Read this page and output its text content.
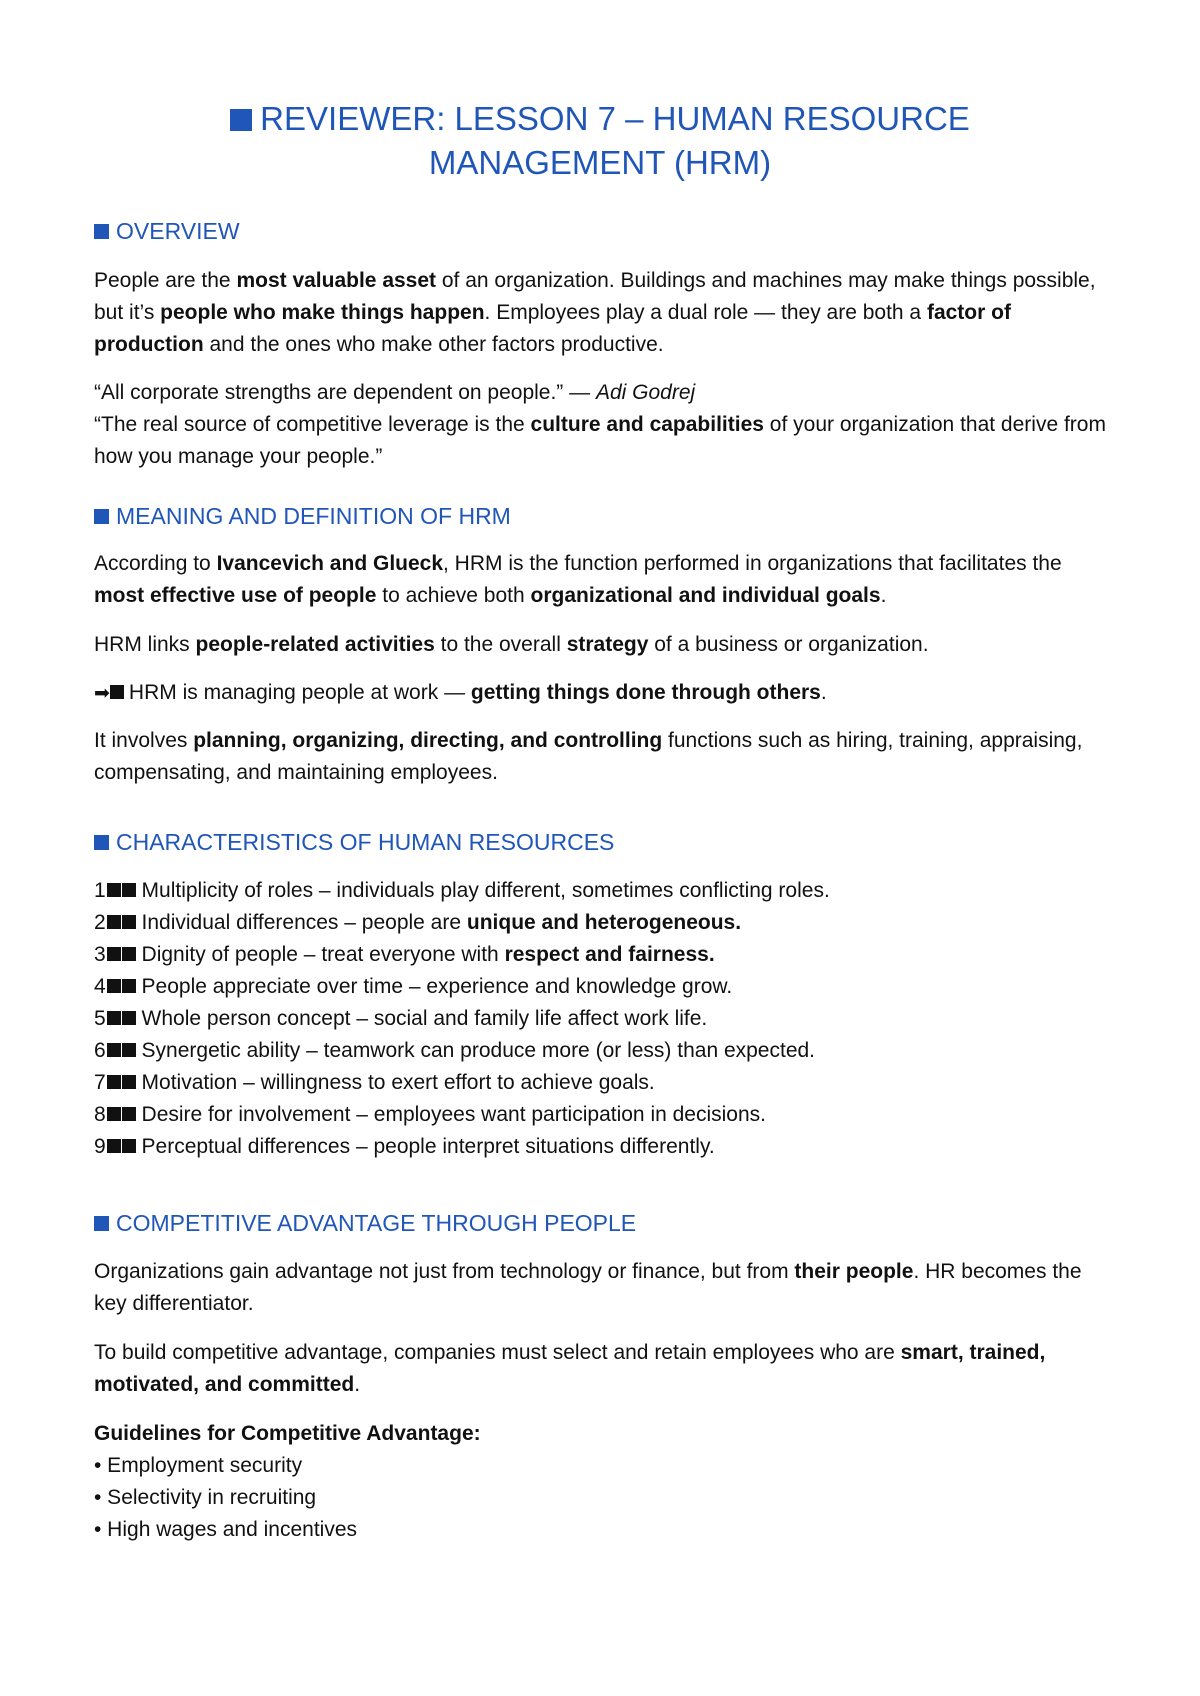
REVIEWER: LESSON 7 – HUMAN RESOURCE
MANAGEMENT (HRM)
OVERVIEW

People are the most valuable asset of an organization. Buildings and machines may make things possible, but it’s people who make things happen. Employees play a dual role — they are both a factor of production and the ones who make other factors productive.

“All corporate strengths are dependent on people.” — Adi Godrej

“The real source of competitive leverage is the culture and capabilities of your organization that derive from how you manage your people.”

MEANING AND DEFINITION OF HRM

According to Ivancevich and Glueck, HRM is the function performed in organizations that facilitates the most effective use of people to achieve both organizational and individual goals.

HRM links people-related activities to the overall strategy of a business or organization.

➡ HRM is managing people at work — getting things done through others.

It involves planning, organizing, directing, and controlling functions such as hiring, training, appraising, compensating, and maintaining employees.

CHARACTERISTICS OF HUMAN RESOURCES
1 Multiplicity of roles – individuals play different, sometimes conflicting roles.
2 Individual differences – people are unique and heterogeneous.
3 Dignity of people – treat everyone with respect and fairness.
4 People appreciate over time – experience and knowledge grow.
5 Whole person concept – social and family life affect work life.
6 Synergetic ability – teamwork can produce more (or less) than expected.
7 Motivation – willingness to exert effort to achieve goals.
8 Desire for involvement – employees want participation in decisions.
9 Perceptual differences – people interpret situations differently.
COMPETITIVE ADVANTAGE THROUGH PEOPLE

Organizations gain advantage not just from technology or finance, but from their people. HR becomes the key differentiator.

To build competitive advantage, companies must select and retain employees who are smart, trained, motivated, and committed.

Guidelines for Competitive Advantage:

• Employment security
• Selectivity in recruiting
• High wages and incentives
